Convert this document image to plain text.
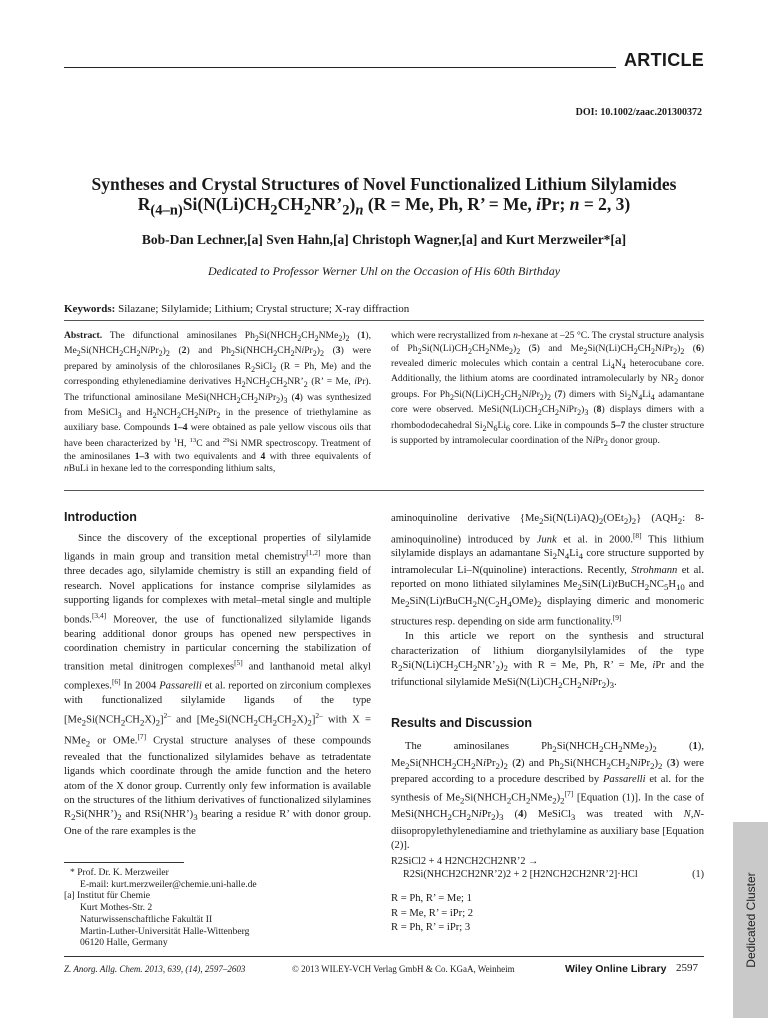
ARTICLE
DOI: 10.1002/zaac.201300372
Syntheses and Crystal Structures of Novel Functionalized Lithium Silylamides
$R_{(4-n)}Si(N(Li)CH_2CH_2NR’_2)_n$ (R = Me, Ph, R’ = Me, iPr; n = 2, 3)
Bob-Dan Lechner,[a] Sven Hahn,[a] Christoph Wagner,[a] and Kurt Merzweiler*[a]
Dedicated to Professor Werner Uhl on the Occasion of His 60th Birthday
Keywords: Silazane; Silylamide; Lithium; Crystal structure; X-ray diffraction

Abstract. The difunctional aminosilanes $Ph_2Si(NHCH_2CH_2NMe_2)_2$ (1), $Me_2Si(NHCH_2CH_2NiPr_2)_2$ (2) and $Ph_2Si(NHCH_2CH_2NiPr_2)_2$ (3) were prepared by aminolysis of the chlorosilanes $R_2SiCl_2$ (R = Ph, Me) and the corresponding ethylenediamine derivatives $H_2NCH_2CH_2NR’_2$ (R’ = Me, iPr). The trifunctional aminosilane $MeSi(NHCH_2CH_2NiPr_2)_3$ (4) was synthesized from MeSiCl$_3$ and $H_2NCH_2CH_2NiPr_2$ in the presence of triethylamine as auxiliary base. Compounds 1–4 were obtained as pale yellow viscous oils that have been characterized by $^1$H, $^{13}$C and $^{29}$Si NMR spectroscopy. Treatment of the aminosilanes 1–3 with two equivalents and 4 with three equivalents of nBuLi in hexane led to the corresponding lithium salts,

which were recrystallized from n-hexane at –25 °C. The crystal structure analysis of $Ph_2Si(N(Li)CH_2CH_2NMe_2)_2$ (5) and $Me_2Si(N(Li)CH_2CH_2NiPr_2)_2$ (6) revealed dimeric molecules which contain a central $Li_4N_4$ heterocubane core. Additionally, the lithium atoms are coordinated intramolecularly by $NR_2$ donor groups. For $Ph_2Si(N(Li)CH_2CH_2NiPr_2)_2$ (7) dimers with $Si_2N_4Li_4$ adamantane core were observed. $MeSi(N(Li)CH_2CH_2NiPr_2)_3$ (8) displays dimers with a rhombododecahedral $Si_2N_6Li_6$ core. Like in compounds 5–7 the cluster structure is supported by intramolecular coordination of the NiPr$_2$ donor group.

Introduction

Since the discovery of the exceptional properties of silylamide ligands in main group and transition metal chemistry[1,2] more than three decades ago, silylamide chemistry is still an expanding field of research. Novel applications for instance comprise silylamides as supporting ligands for complexes with metal–metal single and multiple bonds.[3,4] Moreover, the use of functionalized silylamide ligands bearing additional donor groups has opened new perspectives in coordination chemistry in particular concerning the stabilization of transition metal dinitrogen complexes[5] and lanthanoid metal alkyl complexes.[6] In 2004 Passarelli et al. reported on zirconium complexes with functionalized silylamide ligands of the type $[Me_2Si(NCH_2CH_2X)_2]^{2-}$ and $[Me_2Si(NCH_2CH_2CH_2X)_2]^{2-}$ with X = NMe$_2$ or OMe.[7] Crystal structure analyses of these compounds revealed that the functionalized silylamides behave as tetradentate ligands which coordinate through the amide function and the hetero atom of the X donor group. Currently only few information is available on the structures of the lithium derivatives of functionalized silylamines $R_2Si(NHR’)_2$ and $RSi(NHR’)_3$ bearing a residue R’ with donor group. One of the rare examples is the

aminoquinoline derivative $\{Me_2Si(N(Li)AQ)_2(OEt_2)_2\}$ ($AQH_2$: 8-aminoquinoline) introduced by Junk et al. in 2000.[8] This lithium silylamide displays an adamantane $Si_2N_4Li_4$ core structure supported by intramolecular Li–N(quinoline) interactions. Recently, Strohmann et al. reported on mono lithiated silylamines $Me_2SiN(Li)tBuCH_2NC_5H_{10}$ and $Me_2SiN(Li)tBuCH_2N(C_2H_4OMe)_2$ displaying dimeric and monomeric structures resp. depending on side arm functionality.[9]

In this article we report on the synthesis and structural characterization of lithium diorganylsilylamides of the type $R_2Si(N(Li)CH_2CH_2NR’_2)_2$ with R = Me, Ph, R’ = Me, iPr and the trifunctional silylamide $MeSi(N(Li)CH_2CH_2NiPr_2)_3$.

Results and Discussion

The aminosilanes $Ph_2Si(NHCH_2CH_2NMe_2)_2$ (1), $Me_2Si(NHCH_2CH_2NiPr_2)_2$ (2) and $Ph_2Si(NHCH_2CH_2NiPr_2)_2$ (3) were prepared according to a procedure described by Passarelli et al. for the synthesis of $Me_2Si(NHCH_2CH_2NMe_2)_2[7]$ [Equation (1)]. In the case of $MeSi(NHCH_2CH_2NiPr_2)_3$ (4) MeSiCl$_3$ was treated with N,N-diisopropylethylenediamine and triethylamine as auxiliary base [Equation (2)].

R2SiCl2 + 4 H2NCH2CH2NR’2 →
R2Si(NHCH2CH2NR’2)2 + 2 [H2NCH2CH2NR’2]·HCl	(1)
R = Ph, R’ = Me; 1
R = Me, R’ = iPr; 2
R = Ph, R’ = iPr; 3
* Prof. Dr. K. Merzweiler
E-mail: kurt.merzweiler@chemie.uni-halle.de
[a] Institut für Chemie
Kurt Mothes-Str. 2
Naturwissenschaftliche Fakultät II
Martin-Luther-Universität Halle-Wittenberg
06120 Halle, Germany	Dedicated Cluster
Z. Anorg. Allg. Chem. 2013, 639, (14), 2597–2603	© 2013 WILEY-VCH Verlag GmbH & Co. KGaA, Weinheim	Wiley Online Library 2597
